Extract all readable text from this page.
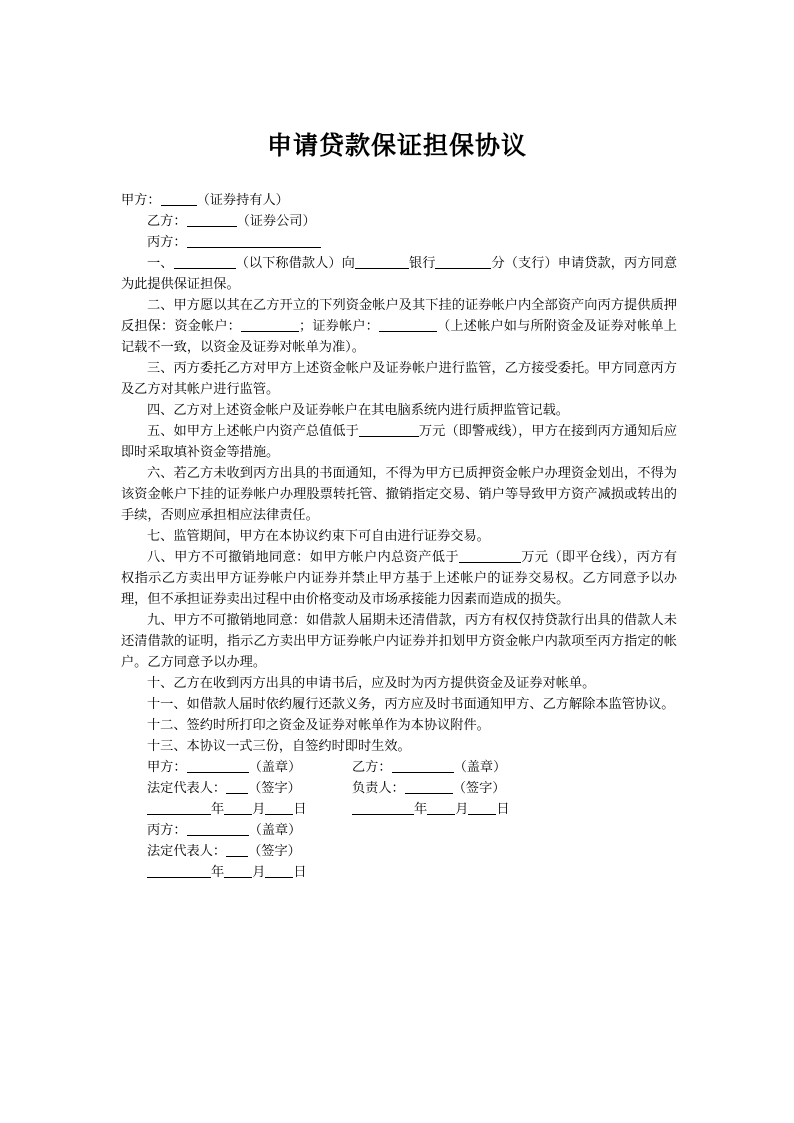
申请贷款保证担保协议

甲方：	（证券持有人）

乙方：	（证券公司）

丙方：

一、	（以下称借款人）向	银行	分（支行）申请贷款，丙方同意为此提供保证担保。

二、甲方愿以其在乙方开立的下列资金帐户及其下挂的证券帐户内全部资产向丙方提供质押反担保：资金帐户：	；证券帐户：	（上述帐户如与所附资金及证券对帐单上记载不一致，以资金及证券对帐单为准）。

三、丙方委托乙方对甲方上述资金帐户及证券帐户进行监管，乙方接受委托。甲方同意丙方及乙方对其帐户进行监管。

四、乙方对上述资金帐户及证券帐户在其电脑系统内进行质押监管记载。

五、如甲方上述帐户内资产总值低于	万元（即警戒线），甲方在接到丙方通知后应即时采取填补资金等措施。

六、若乙方未收到丙方出具的书面通知，不得为甲方已质押资金帐户办理资金划出，不得为该资金帐户下挂的证券帐户办理股票转托管、撤销指定交易、销户等导致甲方资产减损或转出的手续，否则应承担相应法律责任。

七、监管期间，甲方在本协议约束下可自由进行证券交易。

八、甲方不可撤销地同意：如甲方帐户内总资产低于	万元（即平仓线），丙方有权指示乙方卖出甲方证券帐户内证券并禁止甲方基于上述帐户的证券交易权。乙方同意予以办理，但不承担证券卖出过程中由价格变动及市场承接能力因素而造成的损失。

九、甲方不可撤销地同意：如借款人届期未还清借款，丙方有权仅持贷款行出具的借款人未还清借款的证明，指示乙方卖出甲方证券帐户内证券并扣划甲方资金帐户内款项至丙方指定的帐户。乙方同意予以办理。

十、乙方在收到丙方出具的申请书后，应及时为丙方提供资金及证券对帐单。

十一、如借款人届时依约履行还款义务，丙方应及时书面通知甲方、乙方解除本监管协议。

十二、签约时所打印之资金及证券对帐单作为本协议附件。

十三、本协议一式三份，自签约时即时生效。

甲方：	（盖章）	乙方：	（盖章）
法定代表人： （签字）	负责人：	（签字）
年 月 日	年 月 日
丙方：	（盖章）
法定代表人： （签字）
年 月 日
